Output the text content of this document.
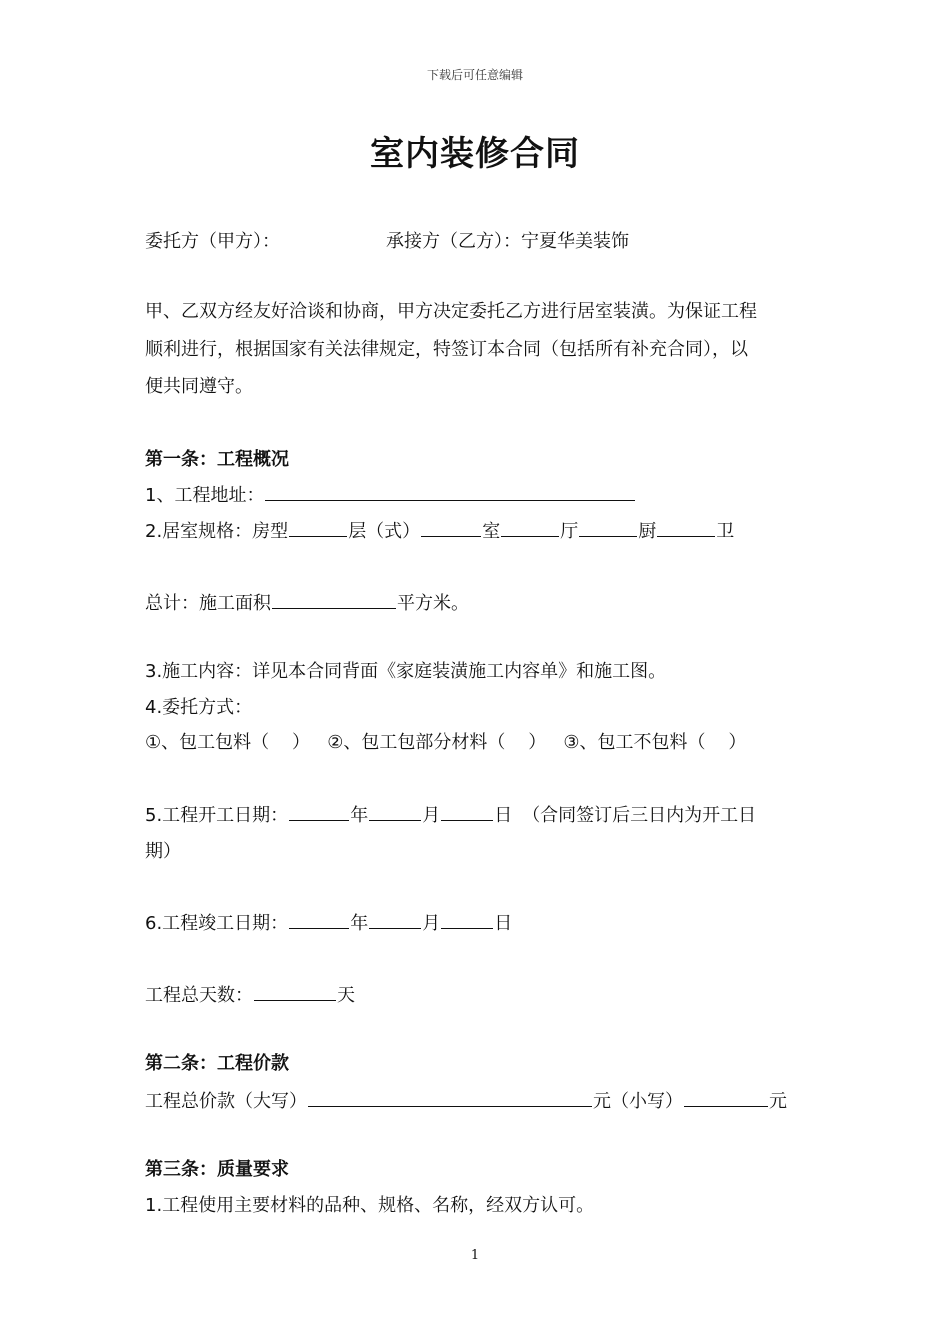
下载后可任意编辑
室内装修合同
委托方（甲方）：	承接方（乙方）：宁夏华美装饰
甲、乙双方经友好洽谈和协商，甲方决定委托乙方进行居室装潢。为保证工程
顺利进行，根据国家有关法律规定，特签订本合同（包括所有补充合同），以
便共同遵守。
第一条：工程概况
1、工程地址：
2.居室规格：房型	层（式）	室	厅	厨	卫
总计：施工面积	平方米。
3.施工内容：详见本合同背面《家庭装潢施工内容单》和施工图。
4.委托方式：
①、包工包料（    ）   ②、包工包部分材料（    ）   ③、包工不包料（    ）
5.工程开工日期：	年	月	日 （合同签订后三日内为开工日
期）
6.工程竣工日期：	年	月	日
工程总天数：	天
第二条：工程价款
工程总价款（大写）	元（小写）	元
第三条：质量要求
1.工程使用主要材料的品种、规格、名称，经双方认可。
1
